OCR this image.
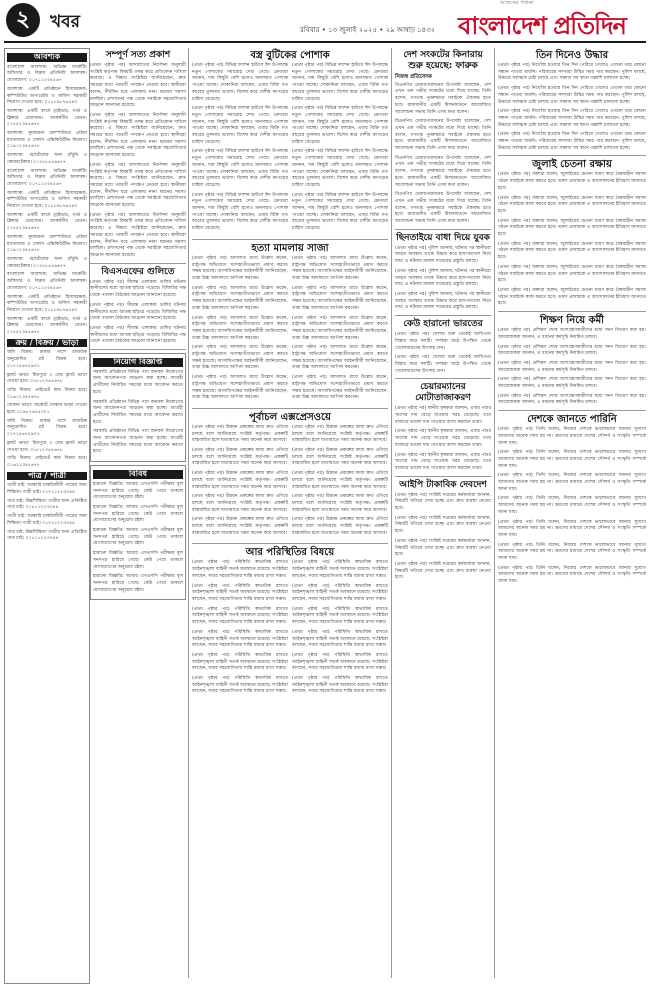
২	খবর	রবিবার • ১৩ জুলাই ২০২৫ • ২৯ আষাঢ় ১৪৩২
আজকের পত্রিকা
বাংলাদেশ প্রতিদিন
আবশ্যক

বাংলাদেশ আবশ্যক: অভিজ্ঞ মার্কেটিং অফিসার ও বিক্রয় প্রতিনিধি আবশ্যক। যোগাযোগ: ০১৭১১২৩৪৫৬৭

আবশ্যক: একটি প্রতিষ্ঠানে হিসাবরক্ষক, কম্পিউটার অপারেটর ও অফিস সহকারী নিয়োগ দেওয়া হবে। ০১৮১৯৮৭৬৫৪৩

আবশ্যক: একটি ফার্মে ড্রাইভার, গার্ড ও ক্লিনার প্রয়োজন। আকর্ষণীয় বেতন। ০১৫৫২৩৪৫৬৭৮

আবশ্যক: সুনামধন্য কোম্পানিতে এরিয়া ম্যানেজার ও সেলস এক্সিকিউটিভ নিয়োগ। ০১৯১২৩৪৫৬৭৮

আবশ্যক: হোস্টেলের জন্য রাঁধুনি ও কেয়ারটেকার। ০১৭৮৮৫৫৬৬৭৭

বাংলাদেশ আবশ্যক: অভিজ্ঞ মার্কেটিং অফিসার ও বিক্রয় প্রতিনিধি আবশ্যক। যোগাযোগ: ০১৭১১২৩৪৫৬৭

আবশ্যক: একটি প্রতিষ্ঠানে হিসাবরক্ষক, কম্পিউটার অপারেটর ও অফিস সহকারী নিয়োগ দেওয়া হবে। ০১৮১৯৮৭৬৫৪৩

আবশ্যক: একটি ফার্মে ড্রাইভার, গার্ড ও ক্লিনার প্রয়োজন। আকর্ষণীয় বেতন। ০১৫৫২৩৪৫৬৭৮

আবশ্যক: সুনামধন্য কোম্পানিতে এরিয়া ম্যানেজার ও সেলস এক্সিকিউটিভ নিয়োগ। ০১৯১২৩৪৫৬৭৮

আবশ্যক: হোস্টেলের জন্য রাঁধুনি ও কেয়ারটেকার। ০১৭৮৮৫৫৬৬৭৭

বাংলাদেশ আবশ্যক: অভিজ্ঞ মার্কেটিং অফিসার ও বিক্রয় প্রতিনিধি আবশ্যক। যোগাযোগ: ০১৭১১২৩৪৫৬৭

আবশ্যক: একটি প্রতিষ্ঠানে হিসাবরক্ষক, কম্পিউটার অপারেটর ও অফিস সহকারী নিয়োগ দেওয়া হবে। ০১৮১৯৮৭৬৫৪৩

আবশ্যক: একটি ফার্মে ড্রাইভার, গার্ড ও ক্লিনার প্রয়োজন। আকর্ষণীয় বেতন। ০১৫৫২৩৪৫৬৭৮

ক্রয় / বিক্রয় / ভাড়া

জমি বিক্রয়: ঢাকার পাশে রাজউক অনুমোদিত প্লট বিক্রয় হবে। ০১৭১৫৬৭৮৯০১

ফ্ল্যাট ভাড়া: মিরপুরে ৩ বেড ফ্ল্যাট ভাড়া দেওয়া হবে। ০১৮১২৩৪৫৬৭৮

গাড়ি বিক্রয়: প্রাইভেট কার বিক্রয় হবে। ০১৬১২৩৪৫৬৭৮

দোকান ভাড়া: মার্কেটে দোকান ভাড়া দেওয়া হবে। ০১৯৮৭৬৫৪৩২১

জমি বিক্রয়: ঢাকার পাশে রাজউক অনুমোদিত প্লট বিক্রয় হবে। ০১৭১৫৬৭৮৯০১

ফ্ল্যাট ভাড়া: মিরপুরে ৩ বেড ফ্ল্যাট ভাড়া দেওয়া হবে। ০১৮১২৩৪৫৬৭৮

গাড়ি বিক্রয়: প্রাইভেট কার বিক্রয় হবে। ০১৬১২৩৪৫৬৭৮

পাত্র / পাত্রী

পাত্রী চাই: সরকারি চাকরিজীবী পাত্রের জন্য শিক্ষিতা পাত্রী চাই। ০১৭১১২২৩৩৪৪

পাত্র চাই: উচ্চশিক্ষিতা পাত্রীর জন্য প্রতিষ্ঠিত পাত্র চাই। ০১৮১১২২৩৩৪৪

পাত্রী চাই: সরকারি চাকরিজীবী পাত্রের জন্য শিক্ষিতা পাত্রী চাই। ০১৭১১২২৩৩৪৪

পাত্র চাই: উচ্চশিক্ষিতা পাত্রীর জন্য প্রতিষ্ঠিত পাত্র চাই। ০১৮১১২২৩৩৪৪

সম্পূর্ণ সত্য প্রকাশ

(প্রথম পৃষ্ঠার পর) আদালতের নির্দেশনা অনুযায়ী সংশ্লিষ্ট কর্তৃপক্ষ বিষয়টি তদন্ত করে প্রতিবেদন দাখিল করেছে। এ বিষয়ে সংশ্লিষ্টরা জানিয়েছেন, দ্রুত সময়ের মধ্যে পরবর্তী পদক্ষেপ নেওয়া হবে। স্থানীয়রা বলেন, দীর্ঘদিন ধরে এলাকায় নানা ধরনের সমস্যা চলছিল। প্রশাসনের পক্ষ থেকে সবাইকে সহযোগিতার আহ্বান জানানো হয়েছে।

(প্রথম পৃষ্ঠার পর) আদালতের নির্দেশনা অনুযায়ী সংশ্লিষ্ট কর্তৃপক্ষ বিষয়টি তদন্ত করে প্রতিবেদন দাখিল করেছে। এ বিষয়ে সংশ্লিষ্টরা জানিয়েছেন, দ্রুত সময়ের মধ্যে পরবর্তী পদক্ষেপ নেওয়া হবে। স্থানীয়রা বলেন, দীর্ঘদিন ধরে এলাকায় নানা ধরনের সমস্যা চলছিল। প্রশাসনের পক্ষ থেকে সবাইকে সহযোগিতার আহ্বান জানানো হয়েছে।

(প্রথম পৃষ্ঠার পর) আদালতের নির্দেশনা অনুযায়ী সংশ্লিষ্ট কর্তৃপক্ষ বিষয়টি তদন্ত করে প্রতিবেদন দাখিল করেছে। এ বিষয়ে সংশ্লিষ্টরা জানিয়েছেন, দ্রুত সময়ের মধ্যে পরবর্তী পদক্ষেপ নেওয়া হবে। স্থানীয়রা বলেন, দীর্ঘদিন ধরে এলাকায় নানা ধরনের সমস্যা চলছিল। প্রশাসনের পক্ষ থেকে সবাইকে সহযোগিতার আহ্বান জানানো হয়েছে।

(প্রথম পৃষ্ঠার পর) আদালতের নির্দেশনা অনুযায়ী সংশ্লিষ্ট কর্তৃপক্ষ বিষয়টি তদন্ত করে প্রতিবেদন দাখিল করেছে। এ বিষয়ে সংশ্লিষ্টরা জানিয়েছেন, দ্রুত সময়ের মধ্যে পরবর্তী পদক্ষেপ নেওয়া হবে। স্থানীয়রা বলেন, দীর্ঘদিন ধরে এলাকায় নানা ধরনের সমস্যা চলছিল। প্রশাসনের পক্ষ থেকে সবাইকে সহযোগিতার আহ্বান জানানো হয়েছে।

বিএসএফের গুলিতে

(প্রথম পৃষ্ঠার পর) সীমান্ত এলাকায় গুলির ঘটনায় স্থানীয়দের মধ্যে আতঙ্ক ছড়িয়ে পড়েছে। বিজিবির পক্ষ থেকে পতাকা বৈঠকের আহ্বান জানানো হয়েছে।

(প্রথম পৃষ্ঠার পর) সীমান্ত এলাকায় গুলির ঘটনায় স্থানীয়দের মধ্যে আতঙ্ক ছড়িয়ে পড়েছে। বিজিবির পক্ষ থেকে পতাকা বৈঠকের আহ্বান জানানো হয়েছে।

(প্রথম পৃষ্ঠার পর) সীমান্ত এলাকায় গুলির ঘটনায় স্থানীয়দের মধ্যে আতঙ্ক ছড়িয়ে পড়েছে। বিজিবির পক্ষ থেকে পতাকা বৈঠকের আহ্বান জানানো হয়েছে।

নিয়োগ বিজ্ঞপ্তি

সরকারি প্রতিষ্ঠানে বিভিন্ন পদে জনবল নিয়োগের জন্য আবেদনপত্র আহ্বান করা হচ্ছে। আগ্রহী প্রার্থীদের নির্ধারিত সময়ের মধ্যে আবেদন করতে হবে।

সরকারি প্রতিষ্ঠানে বিভিন্ন পদে জনবল নিয়োগের জন্য আবেদনপত্র আহ্বান করা হচ্ছে। আগ্রহী প্রার্থীদের নির্ধারিত সময়ের মধ্যে আবেদন করতে হবে।

সরকারি প্রতিষ্ঠানে বিভিন্ন পদে জনবল নিয়োগের জন্য আবেদনপত্র আহ্বান করা হচ্ছে। আগ্রহী প্রার্থীদের নির্ধারিত সময়ের মধ্যে আবেদন করতে হবে।

বিবিধ

হারানো বিজ্ঞপ্তি: আমার এসএসসি পরীক্ষার মূল সনদপত্র হারিয়ে গেছে। কেউ পেয়ে থাকলে যোগাযোগের অনুরোধ রইল।

হারানো বিজ্ঞপ্তি: আমার এসএসসি পরীক্ষার মূল সনদপত্র হারিয়ে গেছে। কেউ পেয়ে থাকলে যোগাযোগের অনুরোধ রইল।

হারানো বিজ্ঞপ্তি: আমার এসএসসি পরীক্ষার মূল সনদপত্র হারিয়ে গেছে। কেউ পেয়ে থাকলে যোগাযোগের অনুরোধ রইল।

হারানো বিজ্ঞপ্তি: আমার এসএসসি পরীক্ষার মূল সনদপত্র হারিয়ে গেছে। কেউ পেয়ে থাকলে যোগাযোগের অনুরোধ রইল।

হারানো বিজ্ঞপ্তি: আমার এসএসসি পরীক্ষার মূল সনদপত্র হারিয়ে গেছে। কেউ পেয়ে থাকলে যোগাযোগের অনুরোধ রইল।

বস্ত্র বুটিকের পোশাক

(প্রথম পৃষ্ঠার পর) বিভিন্ন ফ্যাশন হাউসে ঈদ উপলক্ষে নতুন পোশাকের সমারোহ দেখা গেছে। ক্রেতারা জানান, দাম কিছুটা বেশি হলেও মানসম্মত পোশাক পাওয়া যাচ্ছে। দোকানিরা বলছেন, এবার বিক্রি গত বছরের তুলনায় ভালো। বিশেষ করে দেশীয় কাপড়ের চাহিদা বেড়েছে।

(প্রথম পৃষ্ঠার পর) বিভিন্ন ফ্যাশন হাউসে ঈদ উপলক্ষে নতুন পোশাকের সমারোহ দেখা গেছে। ক্রেতারা জানান, দাম কিছুটা বেশি হলেও মানসম্মত পোশাক পাওয়া যাচ্ছে। দোকানিরা বলছেন, এবার বিক্রি গত বছরের তুলনায় ভালো। বিশেষ করে দেশীয় কাপড়ের চাহিদা বেড়েছে।

(প্রথম পৃষ্ঠার পর) বিভিন্ন ফ্যাশন হাউসে ঈদ উপলক্ষে নতুন পোশাকের সমারোহ দেখা গেছে। ক্রেতারা জানান, দাম কিছুটা বেশি হলেও মানসম্মত পোশাক পাওয়া যাচ্ছে। দোকানিরা বলছেন, এবার বিক্রি গত বছরের তুলনায় ভালো। বিশেষ করে দেশীয় কাপড়ের চাহিদা বেড়েছে।

(প্রথম পৃষ্ঠার পর) বিভিন্ন ফ্যাশন হাউসে ঈদ উপলক্ষে নতুন পোশাকের সমারোহ দেখা গেছে। ক্রেতারা জানান, দাম কিছুটা বেশি হলেও মানসম্মত পোশাক পাওয়া যাচ্ছে। দোকানিরা বলছেন, এবার বিক্রি গত বছরের তুলনায় ভালো। বিশেষ করে দেশীয় কাপড়ের চাহিদা বেড়েছে।

(প্রথম পৃষ্ঠার পর) বিভিন্ন ফ্যাশন হাউসে ঈদ উপলক্ষে নতুন পোশাকের সমারোহ দেখা গেছে। ক্রেতারা জানান, দাম কিছুটা বেশি হলেও মানসম্মত পোশাক পাওয়া যাচ্ছে। দোকানিরা বলছেন, এবার বিক্রি গত বছরের তুলনায় ভালো। বিশেষ করে দেশীয় কাপড়ের চাহিদা বেড়েছে।

(প্রথম পৃষ্ঠার পর) বিভিন্ন ফ্যাশন হাউসে ঈদ উপলক্ষে নতুন পোশাকের সমারোহ দেখা গেছে। ক্রেতারা জানান, দাম কিছুটা বেশি হলেও মানসম্মত পোশাক পাওয়া যাচ্ছে। দোকানিরা বলছেন, এবার বিক্রি গত বছরের তুলনায় ভালো। বিশেষ করে দেশীয় কাপড়ের চাহিদা বেড়েছে।

(প্রথম পৃষ্ঠার পর) বিভিন্ন ফ্যাশন হাউসে ঈদ উপলক্ষে নতুন পোশাকের সমারোহ দেখা গেছে। ক্রেতারা জানান, দাম কিছুটা বেশি হলেও মানসম্মত পোশাক পাওয়া যাচ্ছে। দোকানিরা বলছেন, এবার বিক্রি গত বছরের তুলনায় ভালো। বিশেষ করে দেশীয় কাপড়ের চাহিদা বেড়েছে।

(প্রথম পৃষ্ঠার পর) বিভিন্ন ফ্যাশন হাউসে ঈদ উপলক্ষে নতুন পোশাকের সমারোহ দেখা গেছে। ক্রেতারা জানান, দাম কিছুটা বেশি হলেও মানসম্মত পোশাক পাওয়া যাচ্ছে। দোকানিরা বলছেন, এবার বিক্রি গত বছরের তুলনায় ভালো। বিশেষ করে দেশীয় কাপড়ের চাহিদা বেড়েছে।

হত্যা মামলায় সাজা

(প্রথম পৃষ্ঠার পর) আদালত রায়ে উল্লেখ করেন, রাষ্ট্রপক্ষ অভিযোগ সন্দেহাতীতভাবে প্রমাণ করতে সক্ষম হয়েছে। আসামিপক্ষের আইনজীবী জানিয়েছেন, তারা উচ্চ আদালতে আপিল করবেন।

(প্রথম পৃষ্ঠার পর) আদালত রায়ে উল্লেখ করেন, রাষ্ট্রপক্ষ অভিযোগ সন্দেহাতীতভাবে প্রমাণ করতে সক্ষম হয়েছে। আসামিপক্ষের আইনজীবী জানিয়েছেন, তারা উচ্চ আদালতে আপিল করবেন।

(প্রথম পৃষ্ঠার পর) আদালত রায়ে উল্লেখ করেন, রাষ্ট্রপক্ষ অভিযোগ সন্দেহাতীতভাবে প্রমাণ করতে সক্ষম হয়েছে। আসামিপক্ষের আইনজীবী জানিয়েছেন, তারা উচ্চ আদালতে আপিল করবেন।

(প্রথম পৃষ্ঠার পর) আদালত রায়ে উল্লেখ করেন, রাষ্ট্রপক্ষ অভিযোগ সন্দেহাতীতভাবে প্রমাণ করতে সক্ষম হয়েছে। আসামিপক্ষের আইনজীবী জানিয়েছেন, তারা উচ্চ আদালতে আপিল করবেন।

(প্রথম পৃষ্ঠার পর) আদালত রায়ে উল্লেখ করেন, রাষ্ট্রপক্ষ অভিযোগ সন্দেহাতীতভাবে প্রমাণ করতে সক্ষম হয়েছে। আসামিপক্ষের আইনজীবী জানিয়েছেন, তারা উচ্চ আদালতে আপিল করবেন।

(প্রথম পৃষ্ঠার পর) আদালত রায়ে উল্লেখ করেন, রাষ্ট্রপক্ষ অভিযোগ সন্দেহাতীতভাবে প্রমাণ করতে সক্ষম হয়েছে। আসামিপক্ষের আইনজীবী জানিয়েছেন, তারা উচ্চ আদালতে আপিল করবেন।

(প্রথম পৃষ্ঠার পর) আদালত রায়ে উল্লেখ করেন, রাষ্ট্রপক্ষ অভিযোগ সন্দেহাতীতভাবে প্রমাণ করতে সক্ষম হয়েছে। আসামিপক্ষের আইনজীবী জানিয়েছেন, তারা উচ্চ আদালতে আপিল করবেন।

(প্রথম পৃষ্ঠার পর) আদালত রায়ে উল্লেখ করেন, রাষ্ট্রপক্ষ অভিযোগ সন্দেহাতীতভাবে প্রমাণ করতে সক্ষম হয়েছে। আসামিপক্ষের আইনজীবী জানিয়েছেন, তারা উচ্চ আদালতে আপিল করবেন।

(প্রথম পৃষ্ঠার পর) আদালত রায়ে উল্লেখ করেন, রাষ্ট্রপক্ষ অভিযোগ সন্দেহাতীতভাবে প্রমাণ করতে সক্ষম হয়েছে। আসামিপক্ষের আইনজীবী জানিয়েছেন, তারা উচ্চ আদালতে আপিল করবেন।

(প্রথম পৃষ্ঠার পর) আদালত রায়ে উল্লেখ করেন, রাষ্ট্রপক্ষ অভিযোগ সন্দেহাতীতভাবে প্রমাণ করতে সক্ষম হয়েছে। আসামিপক্ষের আইনজীবী জানিয়েছেন, তারা উচ্চ আদালতে আপিল করবেন।

পূর্বাচল এক্সপ্রেসওয়ে

(প্রথম পৃষ্ঠার পর) উন্নয়ন প্রকল্পের কাজ দ্রুত এগিয়ে চলছে বলে জানিয়েছে সংশ্লিষ্ট কর্তৃপক্ষ। প্রকল্পটি বাস্তবায়িত হলে যাতায়াতে সময় অনেক কমে আসবে।

(প্রথম পৃষ্ঠার পর) উন্নয়ন প্রকল্পের কাজ দ্রুত এগিয়ে চলছে বলে জানিয়েছে সংশ্লিষ্ট কর্তৃপক্ষ। প্রকল্পটি বাস্তবায়িত হলে যাতায়াতে সময় অনেক কমে আসবে।

(প্রথম পৃষ্ঠার পর) উন্নয়ন প্রকল্পের কাজ দ্রুত এগিয়ে চলছে বলে জানিয়েছে সংশ্লিষ্ট কর্তৃপক্ষ। প্রকল্পটি বাস্তবায়িত হলে যাতায়াতে সময় অনেক কমে আসবে।

(প্রথম পৃষ্ঠার পর) উন্নয়ন প্রকল্পের কাজ দ্রুত এগিয়ে চলছে বলে জানিয়েছে সংশ্লিষ্ট কর্তৃপক্ষ। প্রকল্পটি বাস্তবায়িত হলে যাতায়াতে সময় অনেক কমে আসবে।

(প্রথম পৃষ্ঠার পর) উন্নয়ন প্রকল্পের কাজ দ্রুত এগিয়ে চলছে বলে জানিয়েছে সংশ্লিষ্ট কর্তৃপক্ষ। প্রকল্পটি বাস্তবায়িত হলে যাতায়াতে সময় অনেক কমে আসবে।

(প্রথম পৃষ্ঠার পর) উন্নয়ন প্রকল্পের কাজ দ্রুত এগিয়ে চলছে বলে জানিয়েছে সংশ্লিষ্ট কর্তৃপক্ষ। প্রকল্পটি বাস্তবায়িত হলে যাতায়াতে সময় অনেক কমে আসবে।

(প্রথম পৃষ্ঠার পর) উন্নয়ন প্রকল্পের কাজ দ্রুত এগিয়ে চলছে বলে জানিয়েছে সংশ্লিষ্ট কর্তৃপক্ষ। প্রকল্পটি বাস্তবায়িত হলে যাতায়াতে সময় অনেক কমে আসবে।

(প্রথম পৃষ্ঠার পর) উন্নয়ন প্রকল্পের কাজ দ্রুত এগিয়ে চলছে বলে জানিয়েছে সংশ্লিষ্ট কর্তৃপক্ষ। প্রকল্পটি বাস্তবায়িত হলে যাতায়াতে সময় অনেক কমে আসবে।

(প্রথম পৃষ্ঠার পর) উন্নয়ন প্রকল্পের কাজ দ্রুত এগিয়ে চলছে বলে জানিয়েছে সংশ্লিষ্ট কর্তৃপক্ষ। প্রকল্পটি বাস্তবায়িত হলে যাতায়াতে সময় অনেক কমে আসবে।

(প্রথম পৃষ্ঠার পর) উন্নয়ন প্রকল্পের কাজ দ্রুত এগিয়ে চলছে বলে জানিয়েছে সংশ্লিষ্ট কর্তৃপক্ষ। প্রকল্পটি বাস্তবায়িত হলে যাতায়াতে সময় অনেক কমে আসবে।

আর পরিস্থিতির বিষয়ে

(প্রথম পৃষ্ঠার পর) পরিস্থিতি স্বাভাবিক রাখতে আইনশৃঙ্খলা বাহিনী সতর্ক অবস্থানে রয়েছে। সংশ্লিষ্টরা বলছেন, সবার সহযোগিতায় শান্তি বজায় রাখা সম্ভব।

(প্রথম পৃষ্ঠার পর) পরিস্থিতি স্বাভাবিক রাখতে আইনশৃঙ্খলা বাহিনী সতর্ক অবস্থানে রয়েছে। সংশ্লিষ্টরা বলছেন, সবার সহযোগিতায় শান্তি বজায় রাখা সম্ভব।

(প্রথম পৃষ্ঠার পর) পরিস্থিতি স্বাভাবিক রাখতে আইনশৃঙ্খলা বাহিনী সতর্ক অবস্থানে রয়েছে। সংশ্লিষ্টরা বলছেন, সবার সহযোগিতায় শান্তি বজায় রাখা সম্ভব।

(প্রথম পৃষ্ঠার পর) পরিস্থিতি স্বাভাবিক রাখতে আইনশৃঙ্খলা বাহিনী সতর্ক অবস্থানে রয়েছে। সংশ্লিষ্টরা বলছেন, সবার সহযোগিতায় শান্তি বজায় রাখা সম্ভব।

(প্রথম পৃষ্ঠার পর) পরিস্থিতি স্বাভাবিক রাখতে আইনশৃঙ্খলা বাহিনী সতর্ক অবস্থানে রয়েছে। সংশ্লিষ্টরা বলছেন, সবার সহযোগিতায় শান্তি বজায় রাখা সম্ভব।

(প্রথম পৃষ্ঠার পর) পরিস্থিতি স্বাভাবিক রাখতে আইনশৃঙ্খলা বাহিনী সতর্ক অবস্থানে রয়েছে। সংশ্লিষ্টরা বলছেন, সবার সহযোগিতায় শান্তি বজায় রাখা সম্ভব।

(প্রথম পৃষ্ঠার পর) পরিস্থিতি স্বাভাবিক রাখতে আইনশৃঙ্খলা বাহিনী সতর্ক অবস্থানে রয়েছে। সংশ্লিষ্টরা বলছেন, সবার সহযোগিতায় শান্তি বজায় রাখা সম্ভব।

(প্রথম পৃষ্ঠার পর) পরিস্থিতি স্বাভাবিক রাখতে আইনশৃঙ্খলা বাহিনী সতর্ক অবস্থানে রয়েছে। সংশ্লিষ্টরা বলছেন, সবার সহযোগিতায় শান্তি বজায় রাখা সম্ভব।

(প্রথম পৃষ্ঠার পর) পরিস্থিতি স্বাভাবিক রাখতে আইনশৃঙ্খলা বাহিনী সতর্ক অবস্থানে রয়েছে। সংশ্লিষ্টরা বলছেন, সবার সহযোগিতায় শান্তি বজায় রাখা সম্ভব।

(প্রথম পৃষ্ঠার পর) পরিস্থিতি স্বাভাবিক রাখতে আইনশৃঙ্খলা বাহিনী সতর্ক অবস্থানে রয়েছে। সংশ্লিষ্টরা বলছেন, সবার সহযোগিতায় শান্তি বজায় রাখা সম্ভব।

(প্রথম পৃষ্ঠার পর) পরিস্থিতি স্বাভাবিক রাখতে আইনশৃঙ্খলা বাহিনী সতর্ক অবস্থানে রয়েছে। সংশ্লিষ্টরা বলছেন, সবার সহযোগিতায় শান্তি বজায় রাখা সম্ভব।

(প্রথম পৃষ্ঠার পর) পরিস্থিতি স্বাভাবিক রাখতে আইনশৃঙ্খলা বাহিনী সতর্ক অবস্থানে রয়েছে। সংশ্লিষ্টরা বলছেন, সবার সহযোগিতায় শান্তি বজায় রাখা সম্ভব।

দেশ সংকটের কিনারায় শুরু হয়েছে: ফারুক
নিজস্ব প্রতিবেদক

বিএনপির চেয়ারপারসনের উপদেষ্টা বলেছেন, দেশ এখন এক গভীর সংকটের মধ্যে দিয়ে যাচ্ছে। তিনি বলেন, গণতন্ত্র পুনরুদ্ধারে সবাইকে ঐক্যবদ্ধ হতে হবে। রাজধানীর একটি মিলনায়তনে আয়োজিত আলোচনা সভায় তিনি এসব কথা বলেন।

বিএনপির চেয়ারপারসনের উপদেষ্টা বলেছেন, দেশ এখন এক গভীর সংকটের মধ্যে দিয়ে যাচ্ছে। তিনি বলেন, গণতন্ত্র পুনরুদ্ধারে সবাইকে ঐক্যবদ্ধ হতে হবে। রাজধানীর একটি মিলনায়তনে আয়োজিত আলোচনা সভায় তিনি এসব কথা বলেন।

বিএনপির চেয়ারপারসনের উপদেষ্টা বলেছেন, দেশ এখন এক গভীর সংকটের মধ্যে দিয়ে যাচ্ছে। তিনি বলেন, গণতন্ত্র পুনরুদ্ধারে সবাইকে ঐক্যবদ্ধ হতে হবে। রাজধানীর একটি মিলনায়তনে আয়োজিত আলোচনা সভায় তিনি এসব কথা বলেন।

বিএনপির চেয়ারপারসনের উপদেষ্টা বলেছেন, দেশ এখন এক গভীর সংকটের মধ্যে দিয়ে যাচ্ছে। তিনি বলেন, গণতন্ত্র পুনরুদ্ধারে সবাইকে ঐক্যবদ্ধ হতে হবে। রাজধানীর একটি মিলনায়তনে আয়োজিত আলোচনা সভায় তিনি এসব কথা বলেন।

ছিনতাইয়ে বাধা দিয়ে যুবক

(প্রথম পৃষ্ঠার পর) পুলিশ জানায়, ঘটনার পর স্থানীয়রা আহত অবস্থায় তাকে উদ্ধার করে হাসপাতালে নিয়ে যায়। এ ঘটনায় মামলা দায়েরের প্রস্তুতি চলছে।

(প্রথম পৃষ্ঠার পর) পুলিশ জানায়, ঘটনার পর স্থানীয়রা আহত অবস্থায় তাকে উদ্ধার করে হাসপাতালে নিয়ে যায়। এ ঘটনায় মামলা দায়েরের প্রস্তুতি চলছে।

(প্রথম পৃষ্ঠার পর) পুলিশ জানায়, ঘটনার পর স্থানীয়রা আহত অবস্থায় তাকে উদ্ধার করে হাসপাতালে নিয়ে যায়। এ ঘটনায় মামলা দায়েরের প্রস্তুতি চলছে।

কেউ হারানো ভারতের

(প্রথম পৃষ্ঠার পর) খেলায় শুরু থেকেই আধিপত্য বিস্তার করে দলটি। দর্শকরা মাঠে উপস্থিত থেকে খেলোয়াড়দের উৎসাহ দেন।

(প্রথম পৃষ্ঠার পর) খেলায় শুরু থেকেই আধিপত্য বিস্তার করে দলটি। দর্শকরা মাঠে উপস্থিত থেকে খেলোয়াড়দের উৎসাহ দেন।

চেয়ারম্যানের মোটাতাজাকরণ

(প্রথম পৃষ্ঠার পর) স্থানীয় কৃষকরা জানান, এবার পশুর খাদ্যের দাম বেড়ে যাওয়ায় খরচ বেড়েছে। তবে বাজারে ভালো দাম পাওয়ার আশা করছেন তারা।

(প্রথম পৃষ্ঠার পর) স্থানীয় কৃষকরা জানান, এবার পশুর খাদ্যের দাম বেড়ে যাওয়ায় খরচ বেড়েছে। তবে বাজারে ভালো দাম পাওয়ার আশা করছেন তারা।

(প্রথম পৃষ্ঠার পর) স্থানীয় কৃষকরা জানান, এবার পশুর খাদ্যের দাম বেড়ে যাওয়ায় খরচ বেড়েছে। তবে বাজারে ভালো দাম পাওয়ার আশা করছেন তারা।

আইপি টাকাবিক দেবদেশ

(প্রথম পৃষ্ঠার পর) সংশ্লিষ্ট দপ্তরের কর্মকর্তারা জানান, বিষয়টি খতিয়ে দেখা হচ্ছে এবং দ্রুত ব্যবস্থা নেওয়া হবে।

(প্রথম পৃষ্ঠার পর) সংশ্লিষ্ট দপ্তরের কর্মকর্তারা জানান, বিষয়টি খতিয়ে দেখা হচ্ছে এবং দ্রুত ব্যবস্থা নেওয়া হবে।

(প্রথম পৃষ্ঠার পর) সংশ্লিষ্ট দপ্তরের কর্মকর্তারা জানান, বিষয়টি খতিয়ে দেখা হচ্ছে এবং দ্রুত ব্যবস্থা নেওয়া হবে।

(প্রথম পৃষ্ঠার পর) সংশ্লিষ্ট দপ্তরের কর্মকর্তারা জানান, বিষয়টি খতিয়ে দেখা হচ্ছে এবং দ্রুত ব্যবস্থা নেওয়া হবে।

তিন দিনেও উদ্ধার

(প্রথম পৃষ্ঠার পর) নিখোঁজ হওয়ার তিন দিন পেরিয়ে গেলেও এখনো তার কোনো সন্ধান পাওয়া যায়নি। পরিবারের সদস্যরা উদ্বিগ্ন সময় পার করছেন। পুলিশ বলছে, উদ্ধারে সর্বাত্মক চেষ্টা চলছে এবং সম্ভাব্য সব স্থানে তল্লাশি চালানো হচ্ছে।

(প্রথম পৃষ্ঠার পর) নিখোঁজ হওয়ার তিন দিন পেরিয়ে গেলেও এখনো তার কোনো সন্ধান পাওয়া যায়নি। পরিবারের সদস্যরা উদ্বিগ্ন সময় পার করছেন। পুলিশ বলছে, উদ্ধারে সর্বাত্মক চেষ্টা চলছে এবং সম্ভাব্য সব স্থানে তল্লাশি চালানো হচ্ছে।

(প্রথম পৃষ্ঠার পর) নিখোঁজ হওয়ার তিন দিন পেরিয়ে গেলেও এখনো তার কোনো সন্ধান পাওয়া যায়নি। পরিবারের সদস্যরা উদ্বিগ্ন সময় পার করছেন। পুলিশ বলছে, উদ্ধারে সর্বাত্মক চেষ্টা চলছে এবং সম্ভাব্য সব স্থানে তল্লাশি চালানো হচ্ছে।

(প্রথম পৃষ্ঠার পর) নিখোঁজ হওয়ার তিন দিন পেরিয়ে গেলেও এখনো তার কোনো সন্ধান পাওয়া যায়নি। পরিবারের সদস্যরা উদ্বিগ্ন সময় পার করছেন। পুলিশ বলছে, উদ্ধারে সর্বাত্মক চেষ্টা চলছে এবং সম্ভাব্য সব স্থানে তল্লাশি চালানো হচ্ছে।

জুলাই চেতনা রক্ষায়

(প্রথম পৃষ্ঠার পর) বক্তারা বলেন, জুলাইয়ের চেতনা ধারণ করে বৈষম্যহীন সমাজ গঠনে সবাইকে কাজ করতে হবে। তরুণ প্রজন্মকে এ আন্দোলনের ইতিহাস জানাতে হবে।

(প্রথম পৃষ্ঠার পর) বক্তারা বলেন, জুলাইয়ের চেতনা ধারণ করে বৈষম্যহীন সমাজ গঠনে সবাইকে কাজ করতে হবে। তরুণ প্রজন্মকে এ আন্দোলনের ইতিহাস জানাতে হবে।

(প্রথম পৃষ্ঠার পর) বক্তারা বলেন, জুলাইয়ের চেতনা ধারণ করে বৈষম্যহীন সমাজ গঠনে সবাইকে কাজ করতে হবে। তরুণ প্রজন্মকে এ আন্দোলনের ইতিহাস জানাতে হবে।

(প্রথম পৃষ্ঠার পর) বক্তারা বলেন, জুলাইয়ের চেতনা ধারণ করে বৈষম্যহীন সমাজ গঠনে সবাইকে কাজ করতে হবে। তরুণ প্রজন্মকে এ আন্দোলনের ইতিহাস জানাতে হবে।

(প্রথম পৃষ্ঠার পর) বক্তারা বলেন, জুলাইয়ের চেতনা ধারণ করে বৈষম্যহীন সমাজ গঠনে সবাইকে কাজ করতে হবে। তরুণ প্রজন্মকে এ আন্দোলনের ইতিহাস জানাতে হবে।

(প্রথম পৃষ্ঠার পর) বক্তারা বলেন, জুলাইয়ের চেতনা ধারণ করে বৈষম্যহীন সমাজ গঠনে সবাইকে কাজ করতে হবে। তরুণ প্রজন্মকে এ আন্দোলনের ইতিহাস জানাতে হবে।

শিক্ষণ নিয়ে কর্মী

(প্রথম পৃষ্ঠার পর) প্রশিক্ষণ শেষে অংশগ্রহণকারীদের মধ্যে সনদ বিতরণ করা হয়। আয়োজকরা জানান, এ ধরনের কর্মসূচি নিয়মিত চলবে।

(প্রথম পৃষ্ঠার পর) প্রশিক্ষণ শেষে অংশগ্রহণকারীদের মধ্যে সনদ বিতরণ করা হয়। আয়োজকরা জানান, এ ধরনের কর্মসূচি নিয়মিত চলবে।

(প্রথম পৃষ্ঠার পর) প্রশিক্ষণ শেষে অংশগ্রহণকারীদের মধ্যে সনদ বিতরণ করা হয়। আয়োজকরা জানান, এ ধরনের কর্মসূচি নিয়মিত চলবে।

(প্রথম পৃষ্ঠার পর) প্রশিক্ষণ শেষে অংশগ্রহণকারীদের মধ্যে সনদ বিতরণ করা হয়। আয়োজকরা জানান, এ ধরনের কর্মসূচি নিয়মিত চলবে।

(প্রথম পৃষ্ঠার পর) প্রশিক্ষণ শেষে অংশগ্রহণকারীদের মধ্যে সনদ বিতরণ করা হয়। আয়োজকরা জানান, এ ধরনের কর্মসূচি নিয়মিত চলবে।

দেশকে জানতে পারিনি

(প্রথম পৃষ্ঠার পর) তিনি বলেন, নিজের দেশকে ভালোভাবে জানার সুযোগ আমাদের অনেক সময় হয় না। ভ্রমণের মাধ্যমে দেশের সৌন্দর্য ও সংস্কৃতি সম্পর্কে জানা যায়।

(প্রথম পৃষ্ঠার পর) তিনি বলেন, নিজের দেশকে ভালোভাবে জানার সুযোগ আমাদের অনেক সময় হয় না। ভ্রমণের মাধ্যমে দেশের সৌন্দর্য ও সংস্কৃতি সম্পর্কে জানা যায়।

(প্রথম পৃষ্ঠার পর) তিনি বলেন, নিজের দেশকে ভালোভাবে জানার সুযোগ আমাদের অনেক সময় হয় না। ভ্রমণের মাধ্যমে দেশের সৌন্দর্য ও সংস্কৃতি সম্পর্কে জানা যায়।

(প্রথম পৃষ্ঠার পর) তিনি বলেন, নিজের দেশকে ভালোভাবে জানার সুযোগ আমাদের অনেক সময় হয় না। ভ্রমণের মাধ্যমে দেশের সৌন্দর্য ও সংস্কৃতি সম্পর্কে জানা যায়।

(প্রথম পৃষ্ঠার পর) তিনি বলেন, নিজের দেশকে ভালোভাবে জানার সুযোগ আমাদের অনেক সময় হয় না। ভ্রমণের মাধ্যমে দেশের সৌন্দর্য ও সংস্কৃতি সম্পর্কে জানা যায়।

(প্রথম পৃষ্ঠার পর) তিনি বলেন, নিজের দেশকে ভালোভাবে জানার সুযোগ আমাদের অনেক সময় হয় না। ভ্রমণের মাধ্যমে দেশের সৌন্দর্য ও সংস্কৃতি সম্পর্কে জানা যায়।

(প্রথম পৃষ্ঠার পর) তিনি বলেন, নিজের দেশকে ভালোভাবে জানার সুযোগ আমাদের অনেক সময় হয় না। ভ্রমণের মাধ্যমে দেশের সৌন্দর্য ও সংস্কৃতি সম্পর্কে জানা যায়।
